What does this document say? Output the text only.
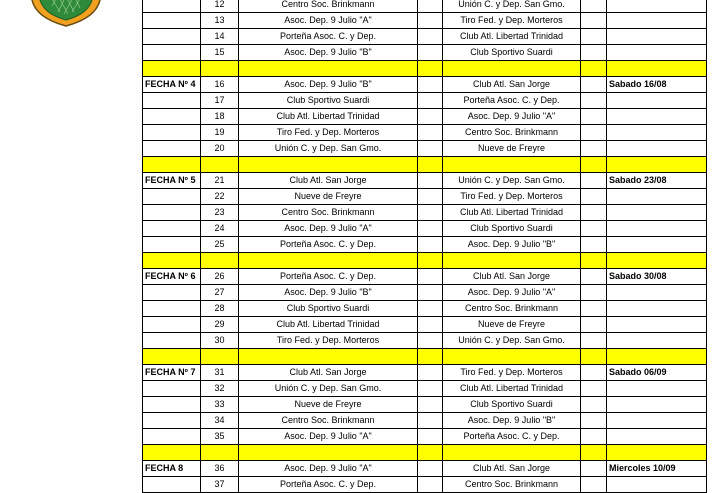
	12	Centro Soc. Brinkmann		Unión C. y Dep. San Gmo.		
	13	Asoc. Dep. 9 Julio "A"		Tiro Fed. y Dep. Morteros		
	14	Porteña Asoc. C. y Dep.		Club Atl. Libertad Trinidad		
	15	Asoc. Dep. 9 Julio "B"		Club Sportivo Suardi		

FECHA Nº 4	16	Asoc. Dep. 9 Julio "B"		Club Atl. San Jorge		Sabado 16/08
	17	Club Sportivo Suardi		Porteña Asoc. C. y Dep.		
	18	Club Atl. Libertad Trinidad		Asoc. Dep. 9 Julio "A"		
	19	Tiro Fed. y Dep. Morteros		Centro Soc. Brinkmann		
	20	Unión C. y Dep. San Gmo.		Nueve de Freyre		

FECHA Nº 5	21	Club Atl. San Jorge		Unión C. y Dep. San Gmo.		Sabado 23/08
	22	Nueve de Freyre		Tiro Fed. y Dep. Morteros		
	23	Centro Soc. Brinkmann		Club Atl. Libertad Trinidad		
	24	Asoc. Dep. 9 Julio "A"		Club Sportivo Suardi		
	25	Porteña Asoc. C. y Dep.		Asoc. Dep. 9 Julio "B"		

FECHA Nº 6	26	Porteña Asoc. C. y Dep.		Club Atl. San Jorge		Sabado 30/08
	27	Asoc. Dep. 9 Julio "B"		Asoc. Dep. 9 Julio "A"		
	28	Club Sportivo Suardi		Centro Soc. Brinkmann		
	29	Club Atl. Libertad Trinidad		Nueve de Freyre		
	30	Tiro Fed. y Dep. Morteros		Unión C. y Dep. San Gmo.		

FECHA Nº 7	31	Club Atl. San Jorge		Tiro Fed. y Dep. Morteros		Sabado 06/09
	32	Unión C. y Dep. San Gmo.		Club Atl. Libertad Trinidad		
	33	Nueve de Freyre		Club Sportivo Suardi		
	34	Centro Soc. Brinkmann		Asoc. Dep. 9 Julio "B"		
	35	Asoc. Dep. 9 Julio "A"		Porteña Asoc. C. y Dep.		

FECHA 8	36	Asoc. Dep. 9 Julio "A"		Club Atl. San Jorge		Miercoles 10/09
	37	Porteña Asoc. C. y Dep.		Centro Soc. Brinkmann		
